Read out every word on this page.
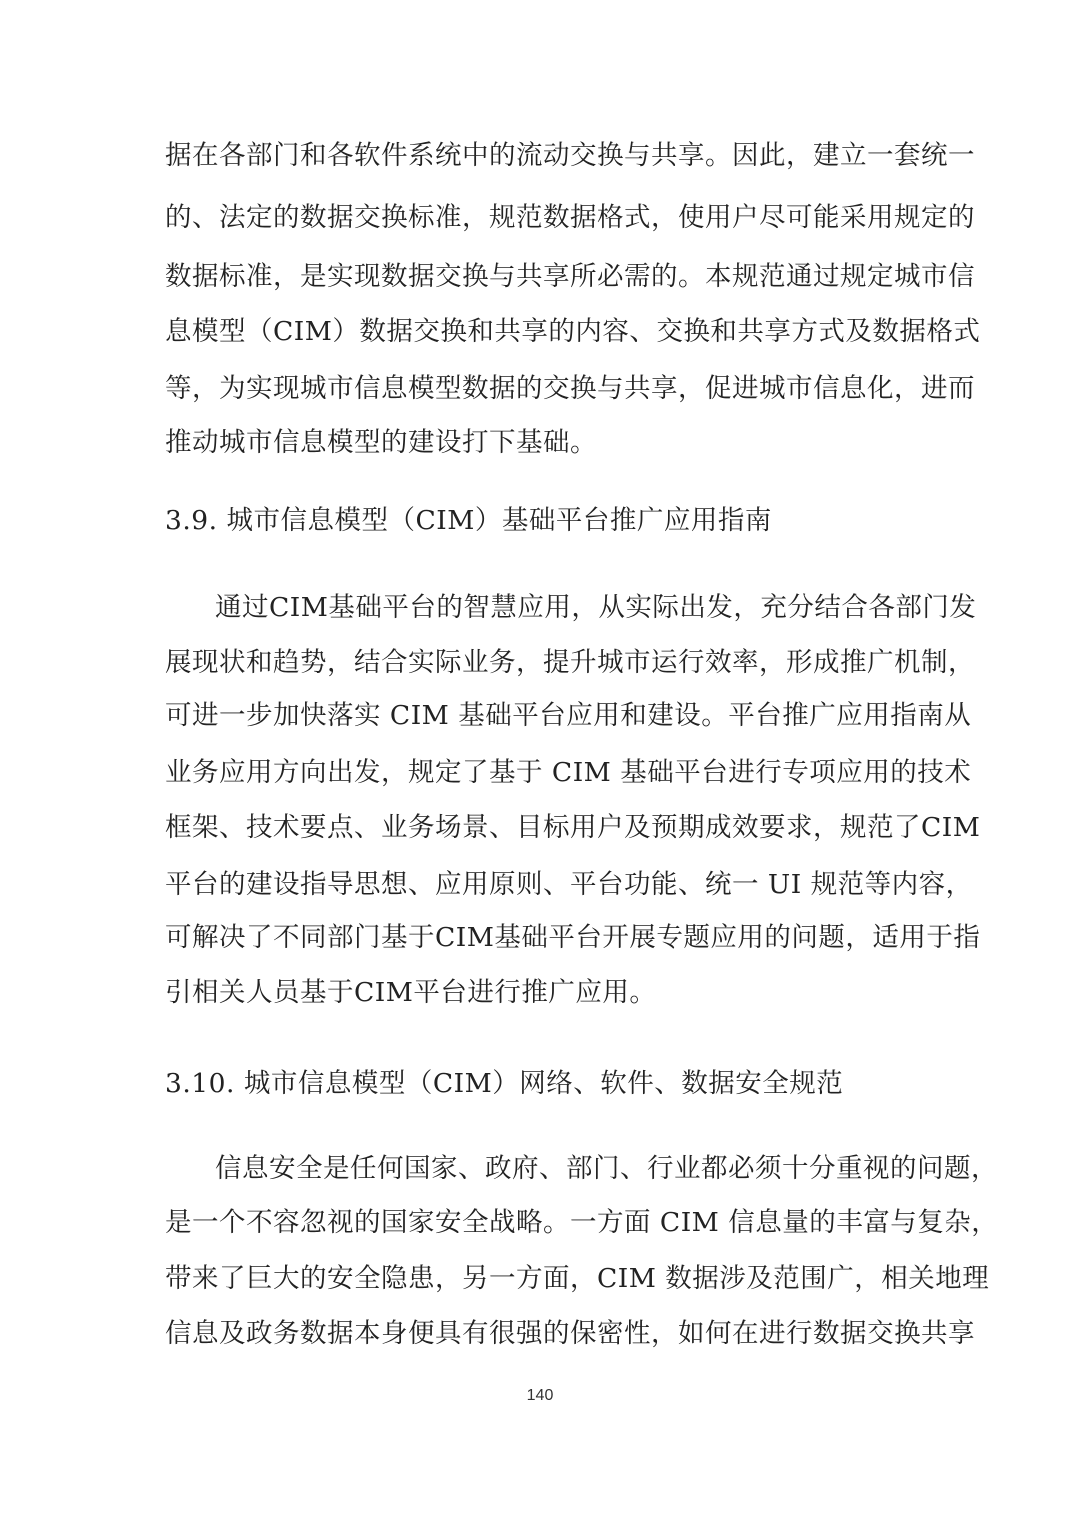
据在各部门和各软件系统中的流动交换与共享。因此，建立一套统一
的、法定的数据交换标准，规范数据格式，使用户尽可能采用规定的
数据标准，是实现数据交换与共享所必需的。本规范通过规定城市信
息模型（CIM）数据交换和共享的内容、交换和共享方式及数据格式
等，为实现城市信息模型数据的交换与共享，促进城市信息化，进而
推动城市信息模型的建设打下基础。
3.9. 城市信息模型（CIM）基础平台推广应用指南
通过CIM基础平台的智慧应用，从实际出发，充分结合各部门发
展现状和趋势，结合实际业务，提升城市运行效率，形成推广机制，
可进一步加快落实 CIM 基础平台应用和建设。平台推广应用指南从
业务应用方向出发，规定了基于 CIM 基础平台进行专项应用的技术
框架、技术要点、业务场景、目标用户及预期成效要求，规范了CIM
平台的建设指导思想、应用原则、平台功能、统一 UI 规范等内容，
可解决了不同部门基于CIM基础平台开展专题应用的问题，适用于指
引相关人员基于CIM平台进行推广应用。
3.10. 城市信息模型（CIM）网络、软件、数据安全规范
信息安全是任何国家、政府、部门、行业都必须十分重视的问题，
是一个不容忽视的国家安全战略。一方面 CIM 信息量的丰富与复杂，
带来了巨大的安全隐患，另一方面，CIM 数据涉及范围广，相关地理
信息及政务数据本身便具有很强的保密性，如何在进行数据交换共享
140
